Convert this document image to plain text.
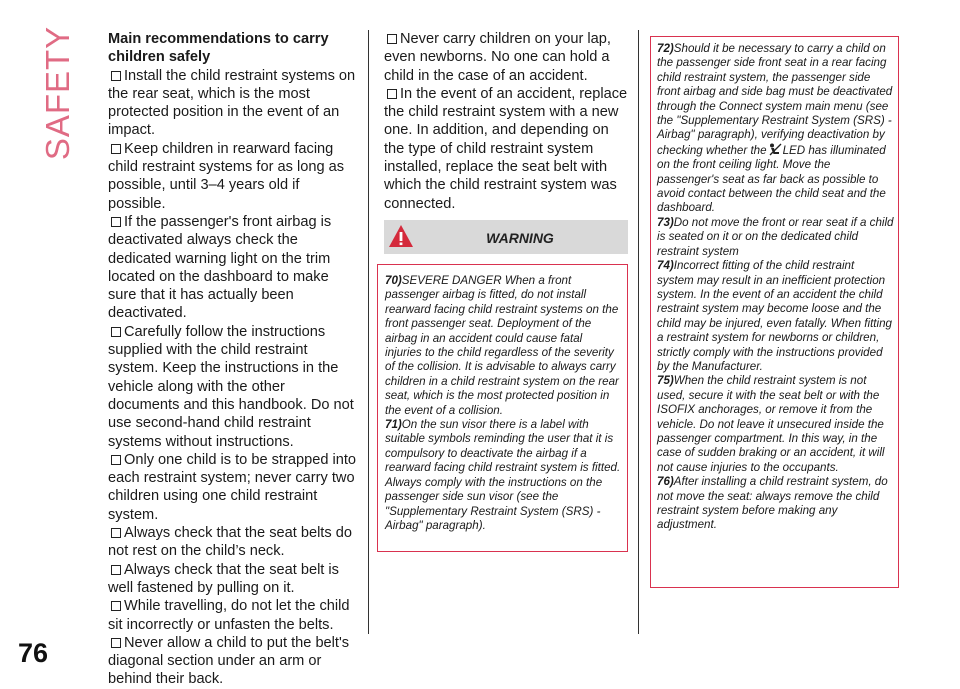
SAFETY
76

Main recommendations to carry children safely

Install the child restraint systems on the rear seat, which is the most protected position in the event of an impact.

Keep children in rearward facing child restraint systems for as long as possible, until 3–4 years old if possible.

If the passenger's front airbag is deactivated always check the dedicated warning light on the trim located on the dashboard to make sure that it has actually been deactivated.

Carefully follow the instructions supplied with the child restraint system. Keep the instructions in the vehicle along with the other documents and this handbook. Do not use second-hand child restraint systems without instructions.

Only one child is to be strapped into each restraint system; never carry two children using one child restraint system.

Always check that the seat belts do not rest on the child’s neck.

Always check that the seat belt is well fastened by pulling on it.

While travelling, do not let the child sit incorrectly or unfasten the belts.

Never allow a child to put the belt's diagonal section under an arm or behind their back.

Never carry children on your lap, even newborns. No one can hold a child in the case of an accident.

In the event of an accident, replace the child restraint system with a new one. In addition, and depending on the type of child restraint system installed, replace the seat belt with which the child restraint system was connected.

WARNING

70)SEVERE DANGER When a front passenger airbag is fitted, do not install rearward facing child restraint systems on the front passenger seat. Deployment of the airbag in an accident could cause fatal injuries to the child regardless of the severity of the collision. It is advisable to always carry children in a child restraint system on the rear seat, which is the most protected position in the event of a collision.

71)On the sun visor there is a label with suitable symbols reminding the user that it is compulsory to deactivate the airbag if a rearward facing child restraint system is fitted. Always comply with the instructions on the passenger side sun visor (see the "Supplementary Restraint System (SRS) - Airbag" paragraph).

72)Should it be necessary to carry a child on the passenger side front seat in a rear facing child restraint system, the passenger side front airbag and side bag must be deactivated through the Connect system main menu (see the "Supplementary Restraint System (SRS) - Airbag" paragraph), verifying deactivation by checking whether the LED has illuminated on the front ceiling light. Move the passenger's seat as far back as possible to avoid contact between the child seat and the dashboard.

73)Do not move the front or rear seat if a child is seated on it or on the dedicated child restraint system

74)Incorrect fitting of the child restraint system may result in an inefficient protection system. In the event of an accident the child restraint system may become loose and the child may be injured, even fatally. When fitting a restraint system for newborns or children, strictly comply with the instructions provided by the Manufacturer.

75)When the child restraint system is not used, secure it with the seat belt or with the ISOFIX anchorages, or remove it from the vehicle. Do not leave it unsecured inside the passenger compartment. In this way, in the case of sudden braking or an accident, it will not cause injuries to the occupants.

76)After installing a child restraint system, do not move the seat: always remove the child restraint system before making any adjustment.
